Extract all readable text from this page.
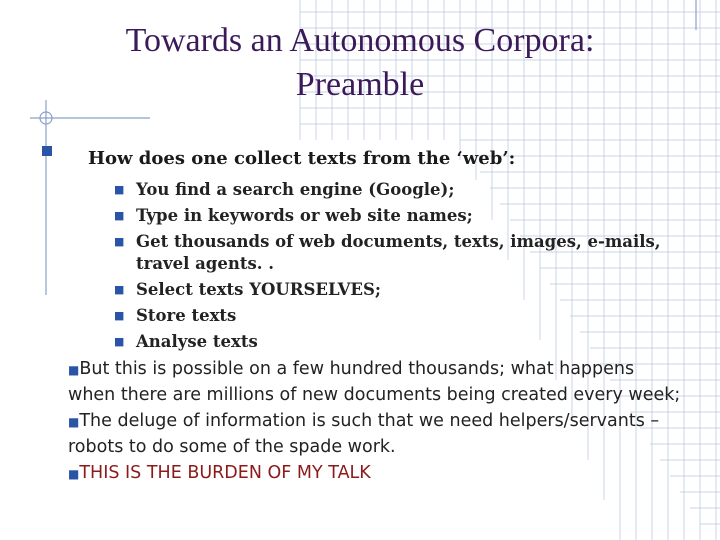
Towards an Autonomous Corpora:
Preamble
How does one collect texts from the ‘web’:
■ You find a search engine (Google);
■ Type in keywords or web site names;
■ Get thousands of web documents, texts, images, e-mails,
travel agents. .
■ Select texts YOURSELVES;
■ Store texts
■ Analyse texts
■But this is possible on a few hundred thousands; what happens
when there are millions of new documents being created every week;
■The deluge of information is such that we need helpers/servants –
robots to do some of the spade work.
■THIS IS THE BURDEN OF MY TALK
